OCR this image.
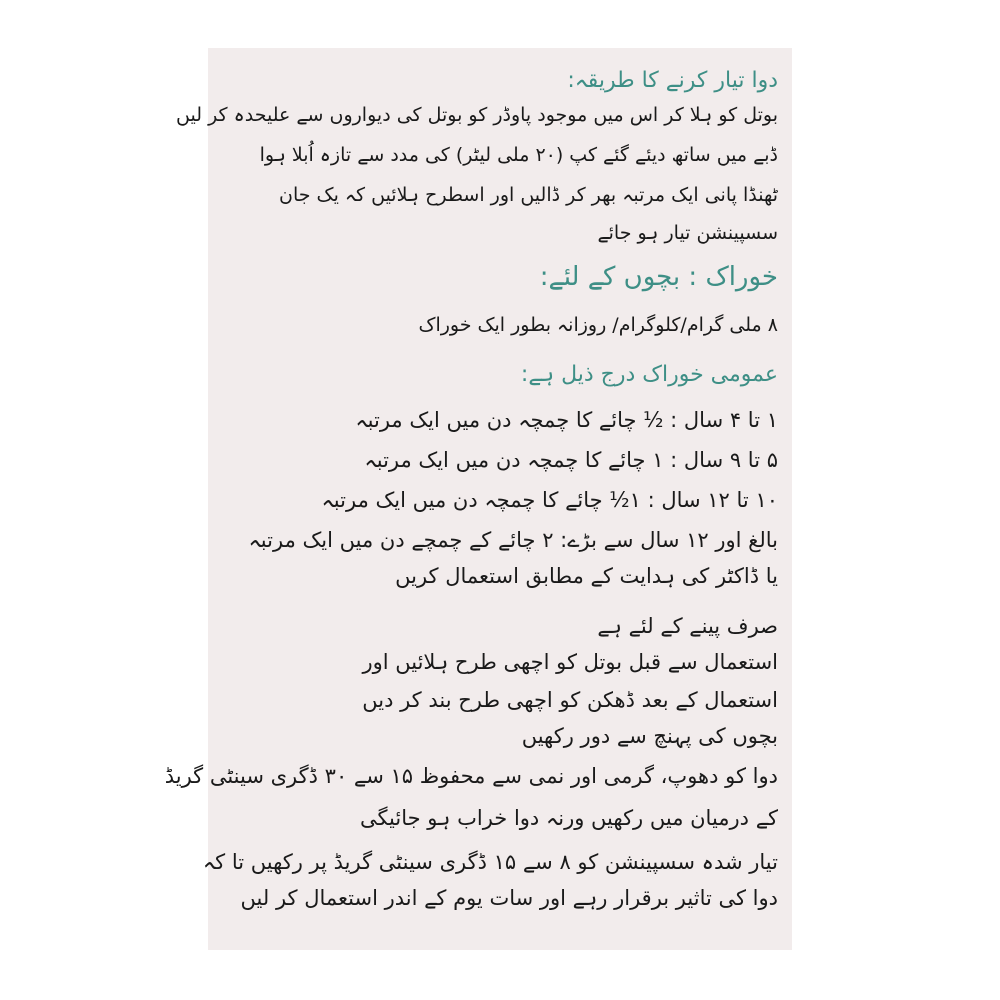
دوا تیار کرنے کا طریقہ:
بوتل کو ہلا کر اس میں موجود پاوڈر کو بوتل کی دیواروں سے علیحدہ کر لیں
ڈبے میں ساتھ دیئے گئے کپ (۲۰ ملی لیٹر) کی مدد سے تازہ اُبلا ہوا
ٹھنڈا پانی ایک مرتبہ بھر کر ڈالیں اور اسطرح ہلائیں کہ یک جان
سسپینشن تیار ہو جائے
خوراک : بچوں کے لئے:
۸ ملی گرام/کلوگرام/ روزانہ بطور ایک خوراک
عمومی خوراک درج ذیل ہے:
۱ تا ۴ سال : ½ چائے کا چمچہ دن میں ایک مرتبہ
۵ تا ۹ سال : ۱ چائے کا چمچہ دن میں ایک مرتبہ
۱۰ تا ۱۲ سال : ۱½ چائے کا چمچہ دن میں ایک مرتبہ
بالغ اور ۱۲ سال سے بڑے: ۲ چائے کے چمچے دن میں ایک مرتبہ
یا ڈاکٹر کی ہدایت کے مطابق استعمال کریں
صرف پینے کے لئے ہے
استعمال سے قبل بوتل کو اچھی طرح ہلائیں اور
استعمال کے بعد ڈھکن کو اچھی طرح بند کر دیں
بچوں کی پہنچ سے دور رکھیں
دوا کو دھوپ، گرمی اور نمی سے محفوظ ۱۵ سے ۳۰ ڈگری سینٹی گریڈ
کے درمیان میں رکھیں ورنہ دوا خراب ہو جائیگی
تیار شدہ سسپینشن کو ۸ سے ۱۵ ڈگری سینٹی گریڈ پر رکھیں تا کہ
دوا کی تاثیر برقرار رہے اور سات یوم کے اندر استعمال کر لیں
